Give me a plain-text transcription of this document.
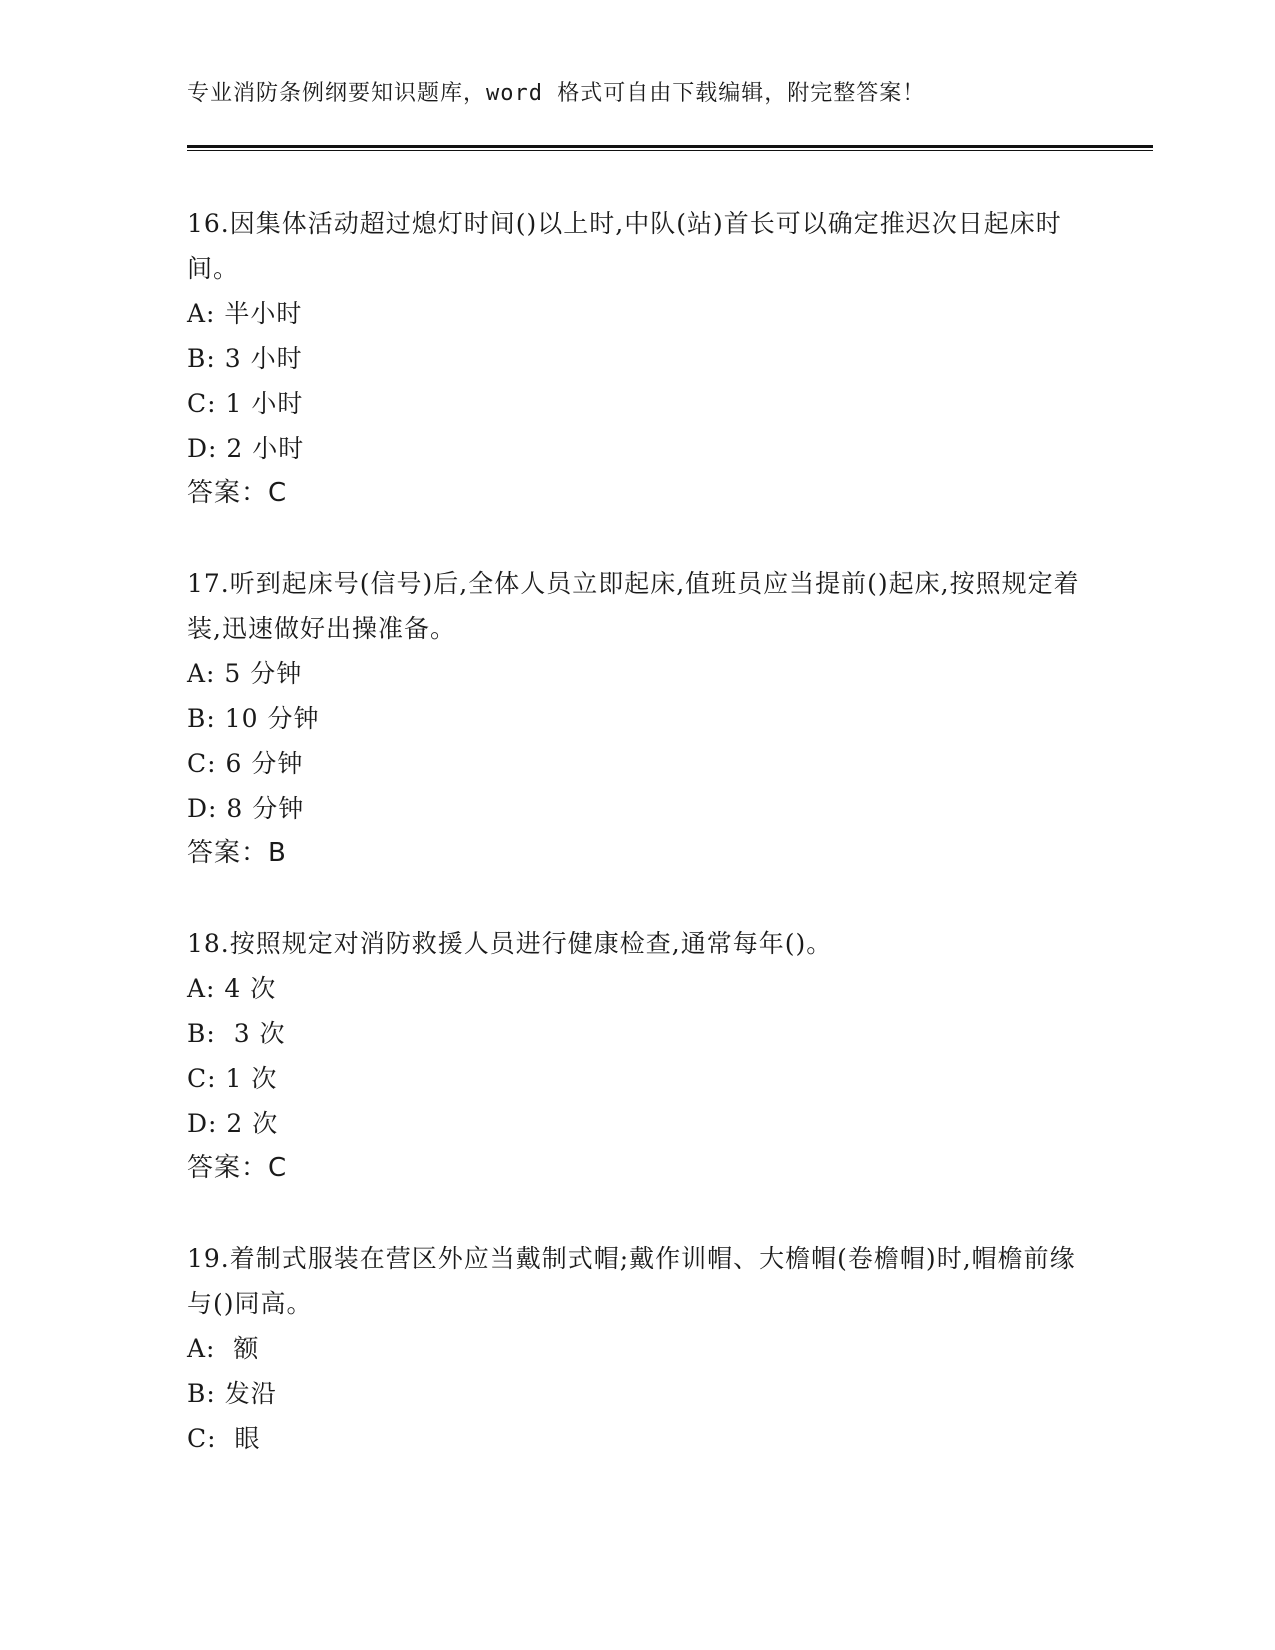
专业消防条例纲要知识题库，word 格式可自由下载编辑，附完整答案！

16.因集体活动超过熄灯时间()以上时,中队(站)首长可以确定推迟次日起床时间。

A: 半小时
B: 3 小时
C: 1 小时
D: 2 小时
答案：C

17.听到起床号(信号)后,全体人员立即起床,值班员应当提前()起床,按照规定着装,迅速做好出操准备。

A: 5 分钟
B: 10 分钟
C: 6 分钟
D: 8 分钟
答案：B

18.按照规定对消防救援人员进行健康检查,通常每年()。

A: 4 次
B:  3 次
C: 1 次
D: 2 次
答案：C

19.着制式服装在营区外应当戴制式帽;戴作训帽、大檐帽(卷檐帽)时,帽檐前缘与()同高。

A:  额
B: 发沿
C:  眼
